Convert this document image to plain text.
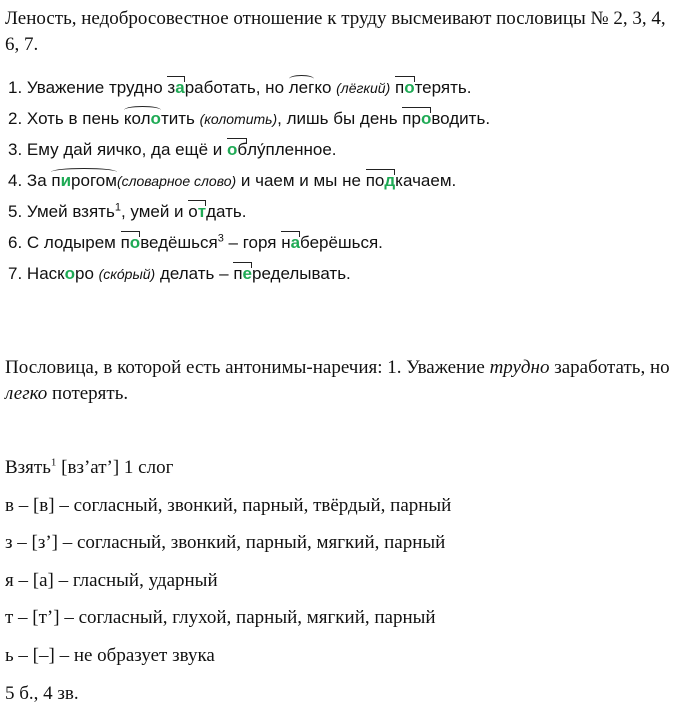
Леность, недобросовестное отношение к труду высмеивают пословицы № 2, 3, 4, 6, 7.
1. Уважение трудно заработать, но легко (лёгкий) потерять.
2. Хоть в пень колотить (колотить), лишь бы день проводить.
3. Ему дай яичко, да ещё и облу́пленное.
4. За пирогом(словарное слово) и чаем и мы не подкачаем.
5. Умей взять$^1$, умей и отдать.
6. С лодырем поведёшься$^3$ – горя наберёшься.
7. Наскоро (ско́рый) делать – переделывать.
Пословица, в которой есть антонимы-наречия: 1. Уважение трудно заработать, но легко потерять.
Взять$^1$ [вз’ат’] 1 слог
в – [в] – согласный, звонкий, парный, твёрдый, парный
з – [з’] – согласный, звонкий, парный, мягкий, парный
я – [а] – гласный, ударный
т – [т’] – согласный, глухой, парный, мягкий, парный
ь – [–] – не образует звука
5 б., 4 зв.
